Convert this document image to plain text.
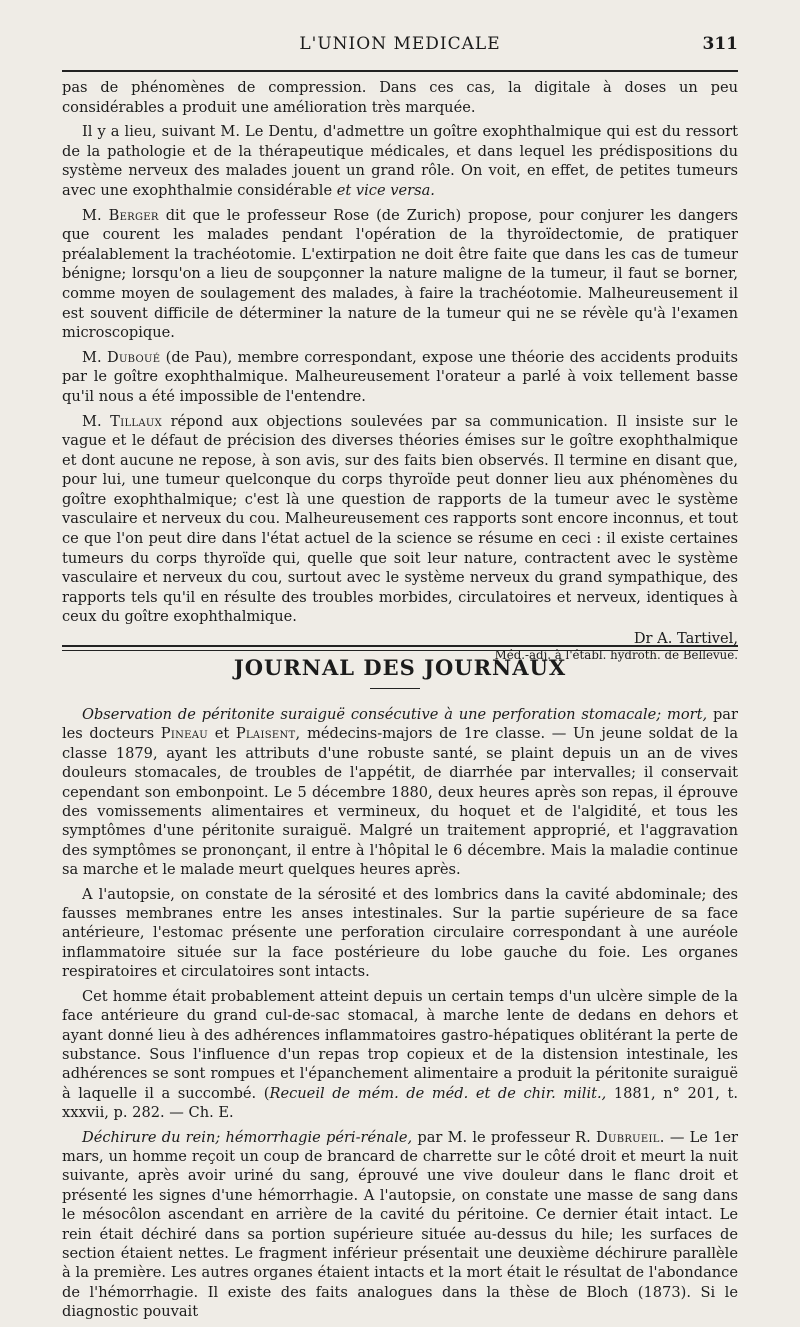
L'UNION MEDICALE	311

pas de phénomènes de compression. Dans ces cas, la digitale à doses un peu considérables a produit une amélioration très marquée.

Il y a lieu, suivant M. Le Dentu, d'admettre un goître exophthalmique qui est du ressort de la pathologie et de la thérapeutique médicales, et dans lequel les prédispositions du système nerveux des malades jouent un grand rôle. On voit, en effet, de petites tumeurs avec une exophthalmie considérable et vice versa.

M. Berger dit que le professeur Rose (de Zurich) propose, pour conjurer les dangers que courent les malades pendant l'opération de la thyroïdectomie, de pratiquer préalablement la trachéotomie. L'extirpation ne doit être faite que dans les cas de tumeur bénigne; lorsqu'on a lieu de soupçonner la nature maligne de la tumeur, il faut se borner, comme moyen de soulagement des malades, à faire la trachéotomie. Malheureusement il est souvent difficile de déterminer la nature de la tumeur qui ne se révèle qu'à l'examen microscopique.

M. Duboué (de Pau), membre correspondant, expose une théorie des accidents produits par le goître exophthalmique. Malheureusement l'orateur a parlé à voix tellement basse qu'il nous a été impossible de l'entendre.

M. Tillaux répond aux objections soulevées par sa communication. Il insiste sur le vague et le défaut de précision des diverses théories émises sur le goître exophthalmique et dont aucune ne repose, à son avis, sur des faits bien observés. Il termine en disant que, pour lui, une tumeur quelconque du corps thyroïde peut donner lieu aux phénomènes du goître exophthalmique; c'est là une question de rapports de la tumeur avec le système vasculaire et nerveux du cou. Malheureusement ces rapports sont encore inconnus, et tout ce que l'on peut dire dans l'état actuel de la science se résume en ceci : il existe certaines tumeurs du corps thyroïde qui, quelle que soit leur nature, contractent avec le système vasculaire et nerveux du cou, surtout avec le système nerveux du grand sympathique, des rapports tels qu'il en résulte des troubles morbides, circulatoires et nerveux, identiques à ceux du goître exophthalmique.

Dr A. Tartivel,
Méd.-adj. à l'établ. hydroth. de Bellevue.
JOURNAL DES JOURNAUX

Observation de péritonite suraiguë consécutive à une perforation stomacale; mort, par les docteurs Pineau et Plaisent, médecins-majors de 1re classe. — Un jeune soldat de la classe 1879, ayant les attributs d'une robuste santé, se plaint depuis un an de vives douleurs stomacales, de troubles de l'appétit, de diarrhée par intervalles; il conservait cependant son embonpoint. Le 5 décembre 1880, deux heures après son repas, il éprouve des vomissements alimentaires et vermineux, du hoquet et de l'algidité, et tous les symptômes d'une péritonite suraiguë. Malgré un traitement approprié, et l'aggravation des symptômes se prononçant, il entre à l'hôpital le 6 décembre. Mais la maladie continue sa marche et le malade meurt quelques heures après.

A l'autopsie, on constate de la sérosité et des lombrics dans la cavité abdominale; des fausses membranes entre les anses intestinales. Sur la partie supérieure de sa face antérieure, l'estomac présente une perforation circulaire correspondant à une auréole inflammatoire située sur la face postérieure du lobe gauche du foie. Les organes respiratoires et circulatoires sont intacts.

Cet homme était probablement atteint depuis un certain temps d'un ulcère simple de la face antérieure du grand cul-de-sac stomacal, à marche lente de dedans en dehors et ayant donné lieu à des adhérences inflammatoires gastro-hépatiques oblitérant la perte de substance. Sous l'influence d'un repas trop copieux et de la distension intestinale, les adhérences se sont rompues et l'épanchement alimentaire a produit la péritonite suraiguë à laquelle il a succombé. (Recueil de mém. de méd. et de chir. milit., 1881, n° 201, t. xxxvii, p. 282. — Ch. E.

Déchirure du rein; hémorrhagie péri-rénale, par M. le professeur R. Dubrueil. — Le 1er mars, un homme reçoit un coup de brancard de charrette sur le côté droit et meurt la nuit suivante, après avoir uriné du sang, éprouvé une vive douleur dans le flanc droit et présenté les signes d'une hémorrhagie. A l'autopsie, on constate une masse de sang dans le mésocôlon ascendant en arrière de la cavité du péritoine. Ce dernier était intact. Le rein était déchiré dans sa portion supérieure située au-dessus du hile; les surfaces de section étaient nettes. Le fragment inférieur présentait une deuxième déchirure parallèle à la première. Les autres organes étaient intacts et la mort était le résultat de l'abondance de l'hémorrhagie. Il existe des faits analogues dans la thèse de Bloch (1873). Si le diagnostic pouvait
